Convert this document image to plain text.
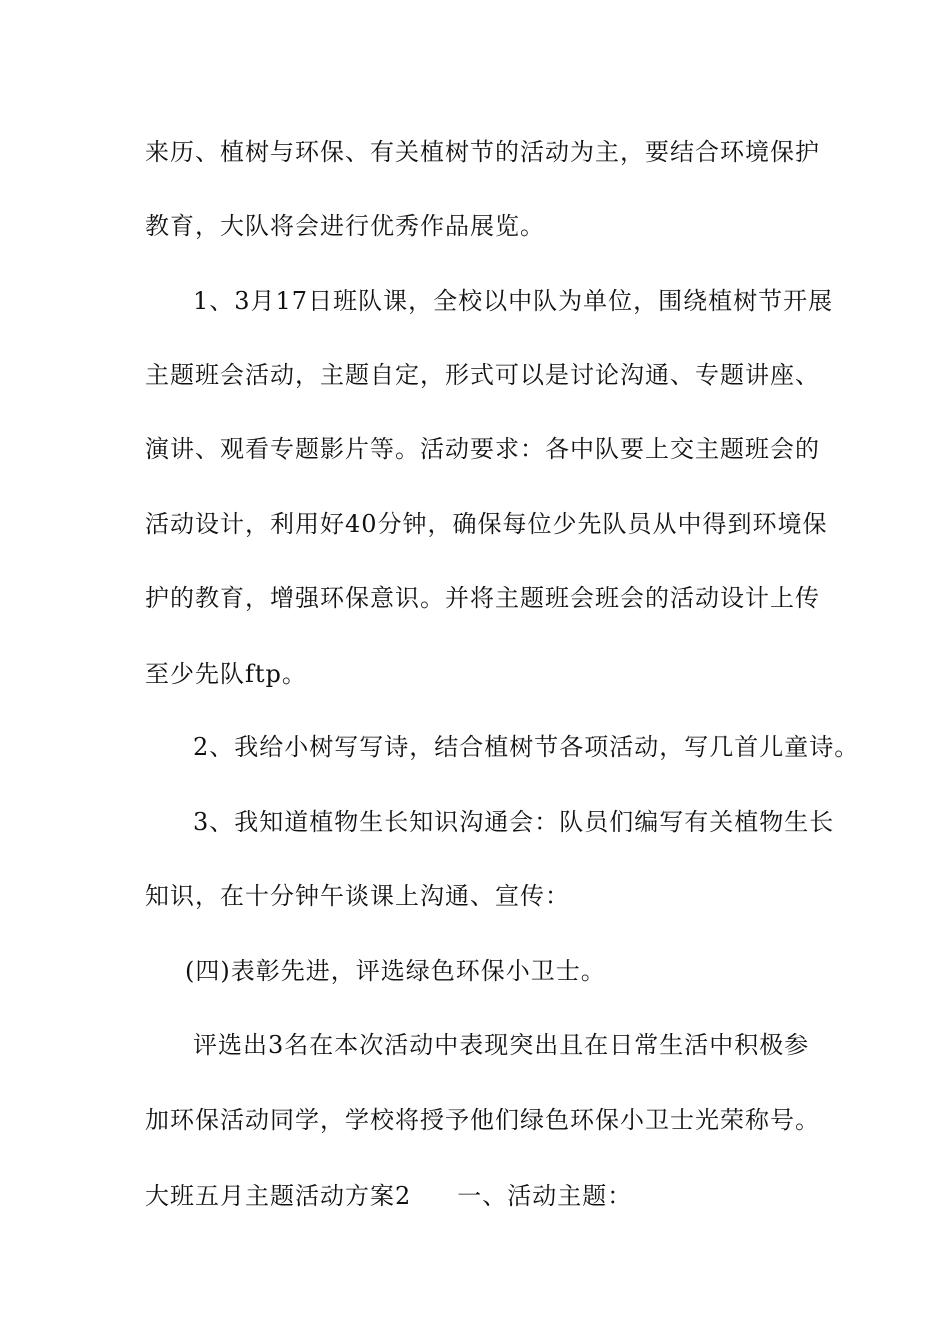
来历、植树与环保、有关植树节的活动为主，要结合环境保护
教育，大队将会进行优秀作品展览。
1、3月17日班队课，全校以中队为单位，围绕植树节开展
主题班会活动，主题自定，形式可以是讨论沟通、专题讲座、
演讲、观看专题影片等。活动要求：各中队要上交主题班会的
活动设计，利用好40分钟，确保每位少先队员从中得到环境保
护的教育，增强环保意识。并将主题班会班会的活动设计上传
至少先队ftp。
2、我给小树写写诗，结合植树节各项活动，写几首儿童诗。
3、我知道植物生长知识沟通会：队员们编写有关植物生长
知识，在十分钟午谈课上沟通、宣传：
(四)表彰先进，评选绿色环保小卫士。
评选出3名在本次活动中表现突出且在日常生活中积极参
加环保活动同学，学校将授予他们绿色环保小卫士光荣称号。
大班五月主题活动方案2 一、活动主题：
